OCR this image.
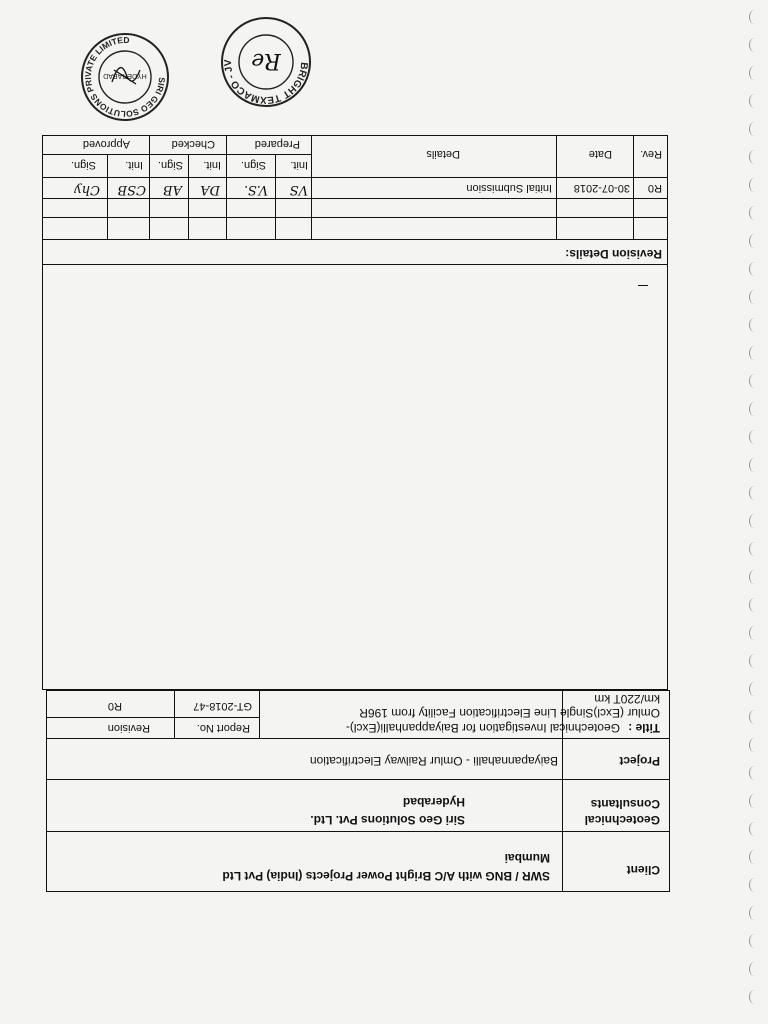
Client
SWR / BNG with A/C Bright Power Projects (India) Pvt Ltd
Mumbai
Geotechnical
Consultants
Siri Geo Solutions Pvt. Ltd.
Hyderabad
Project
Baiyapannahalli - Omlur Railway Electrification
Title :
Geotechnical Investigation for Baiyappanhalli(Excl)-
Omlur (Excl)Single Line Electrification Facility from 196R
km/220T km
Report No.
Revision
GT-2018-47
R0
Revision Details:
Rev.
Date
Details
Prepared
Checked
Approved
Init.
Sign.
Init.
Sign.
Init.
Sign.
R0
30-07-2018
Initial Submission
VS
V.S.
DA
AB
CSB
Chy
SIRI GEO SOLUTIONS PRIVATE LIMITED
HYDERABAD
BRIGHT TEXMACO - JV Re
